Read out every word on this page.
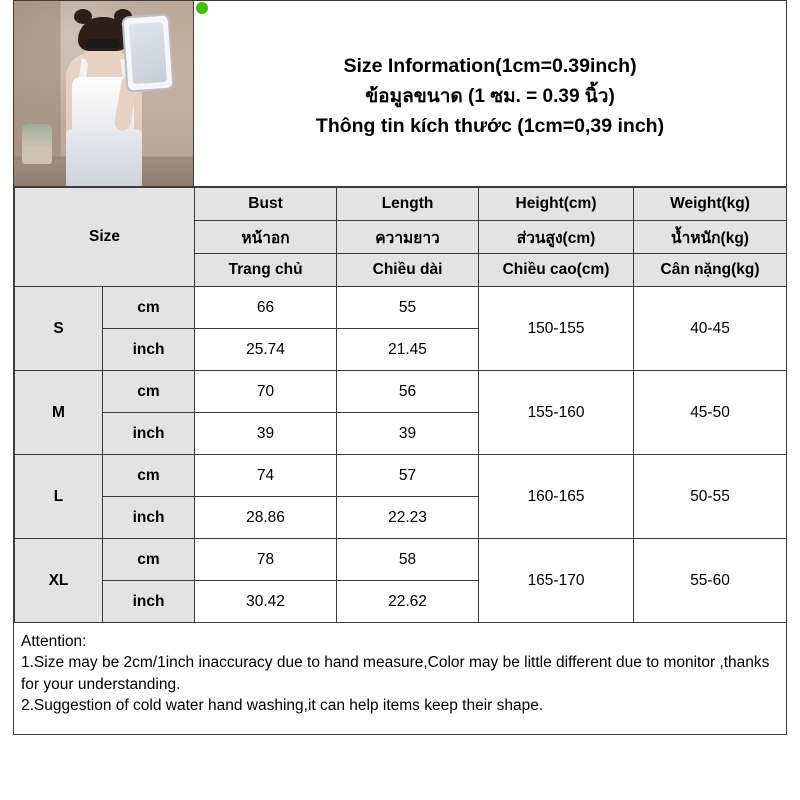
Size Information(1cm=0.39inch)
ข้อมูลขนาด (1 ซม. = 0.39 นิ้ว)
Thông tin kích thước (1cm=0,39 inch)
Size		Bust	Length	Height(cm)	Weight(kg)
		หน้าอก	ความยาว	ส่วนสูง(cm)	น้ำหนัก(kg)
		Trang chủ	Chiều dài	Chiều cao(cm)	Cân nặng(kg)
S	cm	66	55	150-155	40-45
	inch	25.74	21.45		
M	cm	70	56	155-160	45-50
	inch	39	39		
L	cm	74	57	160-165	50-55
	inch	28.86	22.23		
XL	cm	78	58	165-170	55-60
	inch	30.42	22.62		

Attention:

1.Size may be 2cm/1inch inaccuracy due to hand measure,Color may be little different due to monitor ,thanks for your understanding.

2.Suggestion of cold water hand washing,it can help items keep their shape.
